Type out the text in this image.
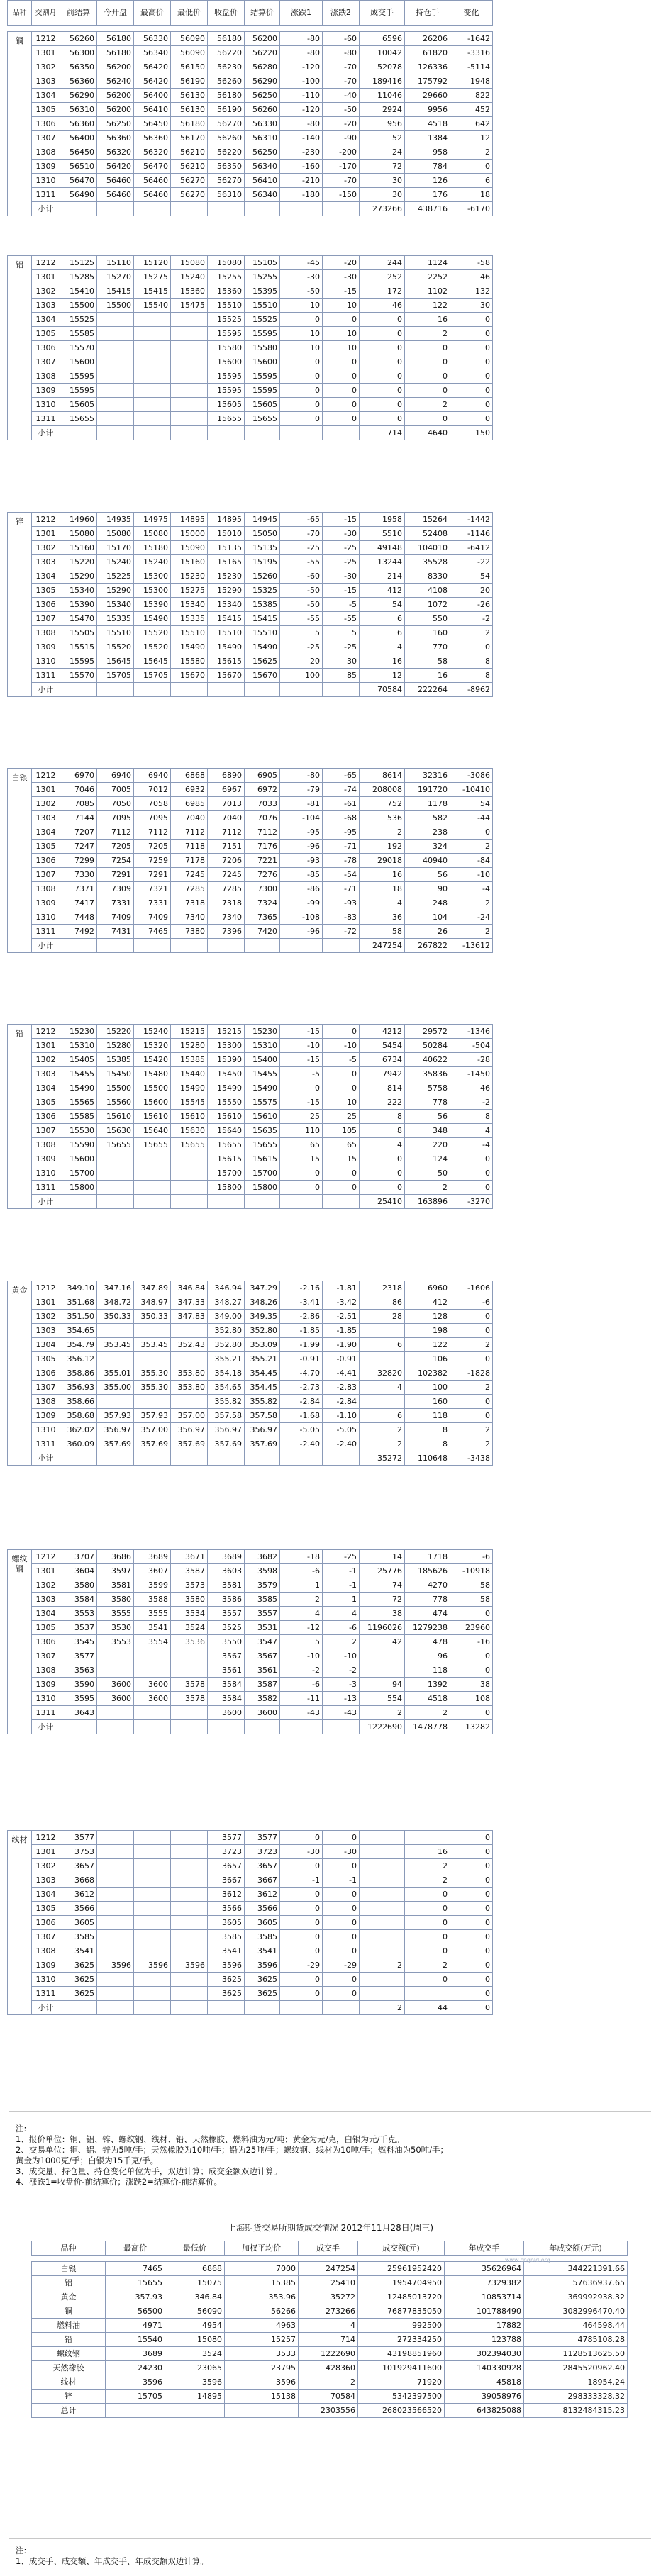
品种	交割月	前结算	今开盘	最高价	最低价	收盘价	结算价	涨跌1	涨跌2	成交手	持仓手	变化

铜	1212	56260	56180	56330	56090	56180	56200	-80	-60	6596	26206	-1642
	1301	56300	56180	56340	56090	56220	56220	-80	-80	10042	61820	-3316
	1302	56350	56200	56420	56150	56230	56280	-120	-70	52078	126336	-5114
	1303	56360	56240	56420	56190	56260	56290	-100	-70	189416	175792	1948
	1304	56290	56200	56400	56130	56180	56250	-110	-40	11046	29660	822
	1305	56310	56200	56410	56130	56190	56260	-120	-50	2924	9956	452
	1306	56360	56250	56450	56180	56270	56330	-80	-20	956	4518	642
	1307	56400	56360	56360	56170	56260	56310	-140	-90	52	1384	12
	1308	56450	56320	56320	56210	56220	56250	-230	-200	24	958	2
	1309	56510	56420	56470	56210	56350	56340	-160	-170	72	784	0
	1310	56470	56460	56460	56270	56270	56410	-210	-70	30	126	6
	1311	56490	56460	56460	56270	56310	56340	-180	-150	30	176	18
	小计									273266	438716	-6170
铝	1212	15125	15110	15120	15080	15080	15105	-45	-20	244	1124	-58
	1301	15285	15270	15275	15240	15255	15255	-30	-30	252	2252	46
	1302	15410	15415	15415	15360	15360	15395	-50	-15	172	1102	132
	1303	15500	15500	15540	15475	15510	15510	10	10	46	122	30
	1304	15525				15525	15525	0	0	0	16	0
	1305	15585				15595	15595	10	10	0	2	0
	1306	15570				15580	15580	10	10	0	0	0
	1307	15600				15600	15600	0	0	0	0	0
	1308	15595				15595	15595	0	0	0	0	0
	1309	15595				15595	15595	0	0	0	0	0
	1310	15605				15605	15605	0	0	0	2	0
	1311	15655				15655	15655	0	0	0	0	0
	小计									714	4640	150
锌	1212	14960	14935	14975	14895	14895	14945	-65	-15	1958	15264	-1442
	1301	15080	15080	15080	15000	15010	15050	-70	-30	5510	52408	-1146
	1302	15160	15170	15180	15090	15135	15135	-25	-25	49148	104010	-6412
	1303	15220	15240	15240	15160	15165	15195	-55	-25	13244	35528	-22
	1304	15290	15225	15300	15230	15230	15260	-60	-30	214	8330	54
	1305	15340	15290	15300	15275	15290	15325	-50	-15	412	4108	20
	1306	15390	15340	15390	15340	15340	15385	-50	-5	54	1072	-26
	1307	15470	15335	15490	15335	15415	15415	-55	-55	6	550	-2
	1308	15505	15510	15520	15510	15510	15510	5	5	6	160	2
	1309	15515	15520	15520	15490	15490	15490	-25	-25	4	770	0
	1310	15595	15645	15645	15580	15615	15625	20	30	16	58	8
	1311	15570	15705	15705	15670	15670	15670	100	85	12	16	8
	小计									70584	222264	-8962
白银	1212	6970	6940	6940	6868	6890	6905	-80	-65	8614	32316	-3086
	1301	7046	7005	7012	6932	6967	6972	-79	-74	208008	191720	-10410
	1302	7085	7050	7058	6985	7013	7033	-81	-61	752	1178	54
	1303	7144	7095	7095	7040	7040	7076	-104	-68	536	582	-44
	1304	7207	7112	7112	7112	7112	7112	-95	-95	2	238	0
	1305	7247	7205	7205	7118	7151	7176	-96	-71	192	324	2
	1306	7299	7254	7259	7178	7206	7221	-93	-78	29018	40940	-84
	1307	7330	7291	7291	7245	7245	7276	-85	-54	16	56	-10
	1308	7371	7309	7321	7285	7285	7300	-86	-71	18	90	-4
	1309	7417	7331	7331	7318	7318	7324	-99	-93	4	248	2
	1310	7448	7409	7409	7340	7340	7365	-108	-83	36	104	-24
	1311	7492	7431	7465	7380	7396	7420	-96	-72	58	26	2
	小计									247254	267822	-13612
铅	1212	15230	15220	15240	15215	15215	15230	-15	0	4212	29572	-1346
	1301	15310	15280	15320	15280	15300	15310	-10	-10	5454	50284	-504
	1302	15405	15385	15420	15385	15390	15400	-15	-5	6734	40622	-28
	1303	15455	15450	15480	15440	15450	15455	-5	0	7942	35836	-1450
	1304	15490	15500	15500	15490	15490	15490	0	0	814	5758	46
	1305	15565	15560	15600	15545	15550	15575	-15	10	222	778	-2
	1306	15585	15610	15610	15610	15610	15610	25	25	8	56	8
	1307	15530	15630	15640	15630	15640	15635	110	105	8	348	4
	1308	15590	15655	15655	15655	15655	15655	65	65	4	220	-4
	1309	15600				15615	15615	15	15	0	124	0
	1310	15700				15700	15700	0	0	0	50	0
	1311	15800				15800	15800	0	0	0	2	0
	小计									25410	163896	-3270
黄金	1212	349.10	347.16	347.89	346.84	346.94	347.29	-2.16	-1.81	2318	6960	-1606
	1301	351.68	348.72	348.97	347.33	348.27	348.26	-3.41	-3.42	86	412	-6
	1302	351.50	350.33	350.33	347.83	349.00	349.35	-2.86	-2.51	28	128	0
	1303	354.65				352.80	352.80	-1.85	-1.85		198	0
	1304	354.79	353.45	353.45	352.43	352.80	353.09	-1.99	-1.90	6	122	2
	1305	356.12				355.21	355.21	-0.91	-0.91		106	0
	1306	358.86	355.01	355.30	353.80	354.18	354.45	-4.70	-4.41	32820	102382	-1828
	1307	356.93	355.00	355.30	353.80	354.65	354.45	-2.73	-2.83	4	100	2
	1308	358.66				355.82	355.82	-2.84	-2.84		160	0
	1309	358.68	357.93	357.93	357.00	357.58	357.58	-1.68	-1.10	6	118	0
	1310	362.02	356.97	357.00	356.97	356.97	356.97	-5.05	-5.05	2	8	2
	1311	360.09	357.69	357.69	357.69	357.69	357.69	-2.40	-2.40	2	8	2
	小计									35272	110648	-3438
螺纹钢	1212	3707	3686	3689	3671	3689	3682	-18	-25	14	1718	-6
	1301	3604	3597	3607	3587	3603	3598	-6	-1	25776	185626	-10918
	1302	3580	3581	3599	3573	3581	3579	1	-1	74	4270	58
	1303	3584	3580	3588	3580	3586	3585	2	1	72	778	58
	1304	3553	3555	3555	3534	3557	3557	4	4	38	474	0
	1305	3537	3530	3541	3524	3525	3531	-12	-6	1196026	1279238	23960
	1306	3545	3553	3554	3536	3550	3547	5	2	42	478	-16
	1307	3577				3567	3567	-10	-10		96	0
	1308	3563				3561	3561	-2	-2		118	0
	1309	3590	3600	3600	3578	3584	3587	-6	-3	94	1392	38
	1310	3595	3600	3600	3578	3584	3582	-11	-13	554	4518	108
	1311	3643				3600	3600	-43	-43	2	2	0
	小计									1222690	1478778	13282
线材	1212	3577				3577	3577	0	0			0
	1301	3753				3723	3723	-30	-30		16	0
	1302	3657				3657	3657	0	0		2	0
	1303	3668				3667	3667	-1	-1		2	0
	1304	3612				3612	3612	0	0		0	0
	1305	3566				3566	3566	0	0		0	0
	1306	3605				3605	3605	0	0		0	0
	1307	3585				3585	3585	0	0		0	0
	1308	3541				3541	3541	0	0		0	0
	1309	3625	3596	3596	3596	3596	3596	-29	-29	2	2	0
	1310	3625				3625	3625	0	0		0	0
	1311	3625				3625	3625	0	0			0
	小计									2	44	0
注:
1、报价单位：铜、铝、锌、螺纹钢、线材、铅、天然橡胶、燃料油为元/吨；黄金为元/克，白银为元/千克。
2、交易单位：铜、铝、锌为5吨/手；天然橡胶为10吨/手；铅为25吨/手；螺纹钢、线材为10吨/手；燃料油为50吨/手；
黄金为1000克/手；白银为15千克/手。
3、成交量、持仓量、持仓变化单位为手，双边计算；成交金额双边计算。
4、涨跌1=收盘价-前结算价；涨跌2=结算价-前结算价。
上海期货交易所期货成交情况 2012年11月28日(周三)
品种	最高价	最低价	加权平均价	成交手	成交额(元)	年成交手	年成交额(万元)

白银	7465	6868	7000	247254	25961952420	35626964	344221391.66
铝	15655	15075	15385	25410	1954704950	7329382	57636937.65
黄金	357.93	346.84	353.96	35272	12485013720	10853714	369992938.32
铜	56500	56090	56266	273266	76877835050	101788490	3082996470.40
燃料油	4971	4954	4963	4	992500	17882	464598.44
铅	15540	15080	15257	714	272334250	123788	4785108.28
螺纹钢	3689	3524	3533	1222690	43198851960	302394030	1128513625.50
天然橡胶	24230	23065	23795	428360	101929411600	140330928	2845520962.40
线材	3596	3596	3596	2	71920	45818	18954.24
锌	15705	14895	15138	70584	5342397500	39058976	298333328.32
总计				2303556	268023566520	643825088	8132484315.23
www.cngold.org
注:
1、成交手、成交额、年成交手、年成交额双边计算。
